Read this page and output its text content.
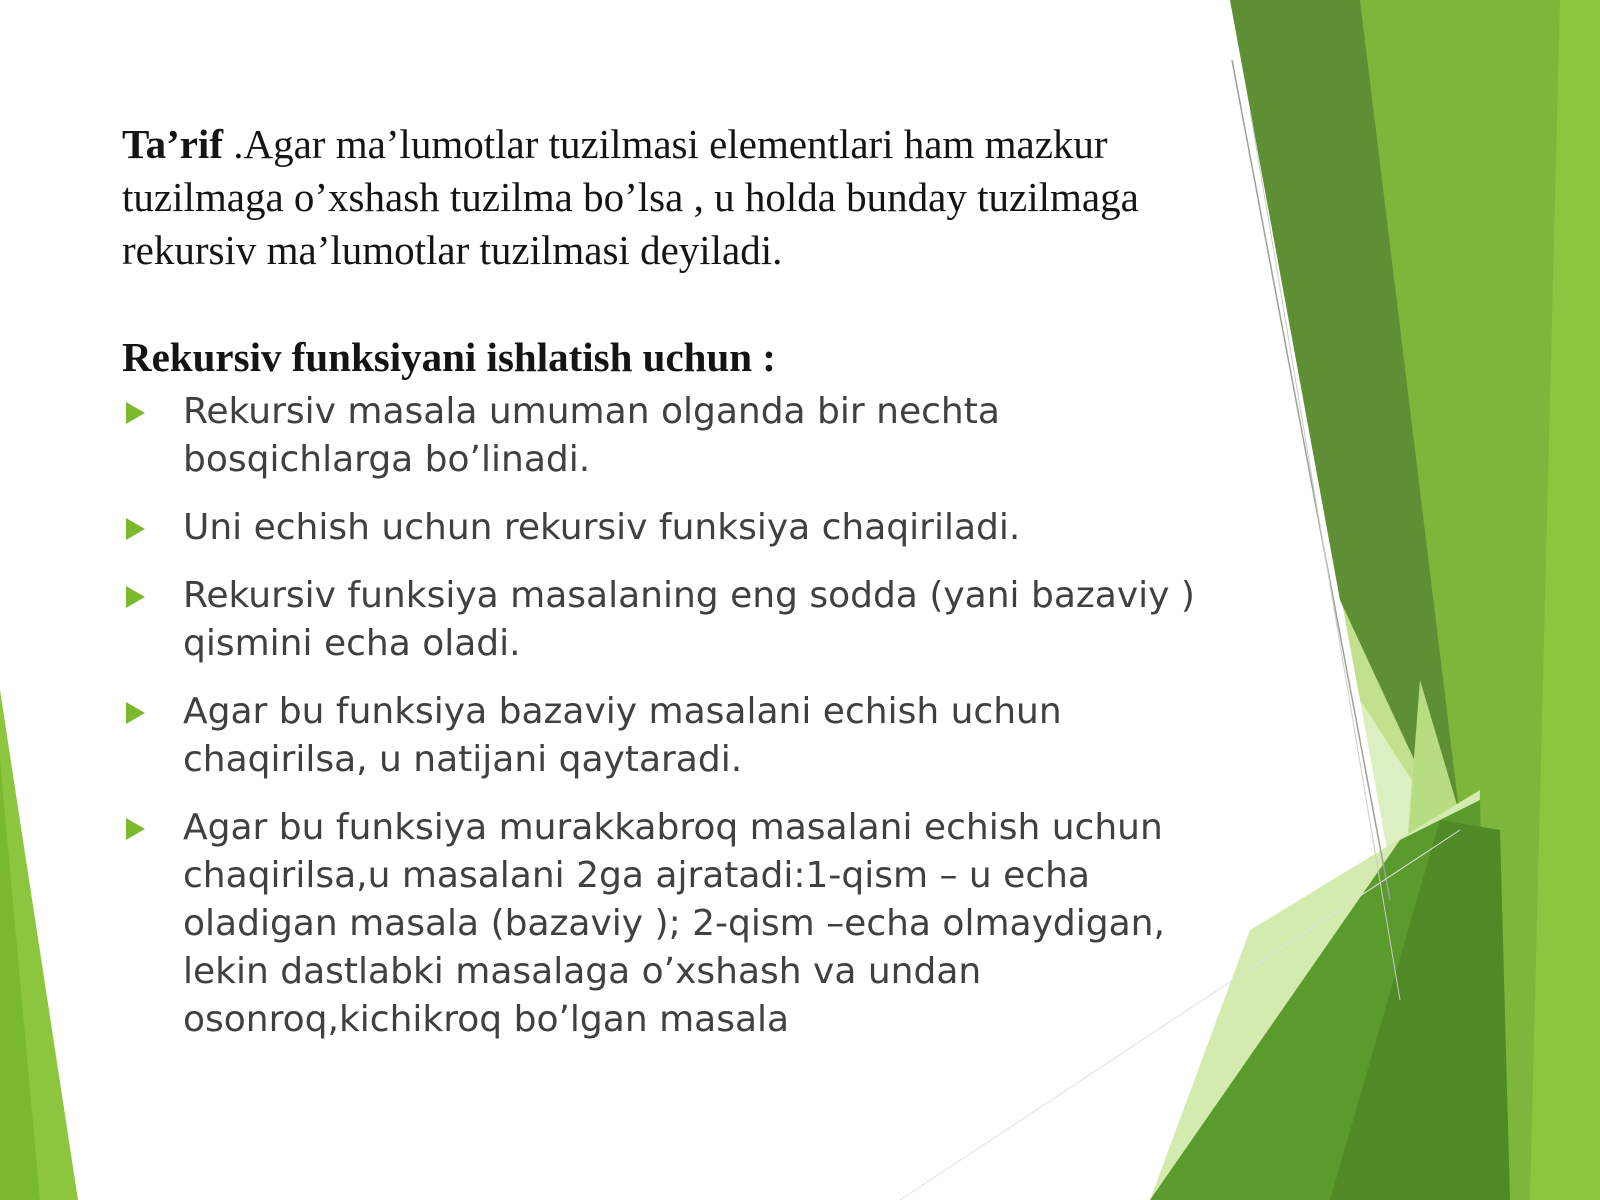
Ta’rif .Agar ma’lumotlar tuzilmasi elementlari ham mazkur tuzilmaga o’xshash tuzilma bo’lsa , u holda bunday tuzilmaga rekursiv ma’lumotlar tuzilmasi deyiladi.

Rekursiv funksiyani ishlatish uchun :

Rekursiv masala umuman olganda bir nechta bosqichlarga bo’linadi.
Uni echish uchun rekursiv funksiya chaqiriladi.
Rekursiv funksiya masalaning eng sodda (yani bazaviy ) qismini echa oladi.
Agar bu funksiya bazaviy masalani echish uchun chaqirilsa, u natijani qaytaradi.
Agar bu funksiya murakkabroq masalani echish uchun chaqirilsa,u masalani 2ga ajratadi:1-qism – u echa oladigan masala (bazaviy ); 2-qism –echa olmaydigan, lekin dastlabki masalaga o’xshash va undan osonroq,kichikroq bo’lgan masala
